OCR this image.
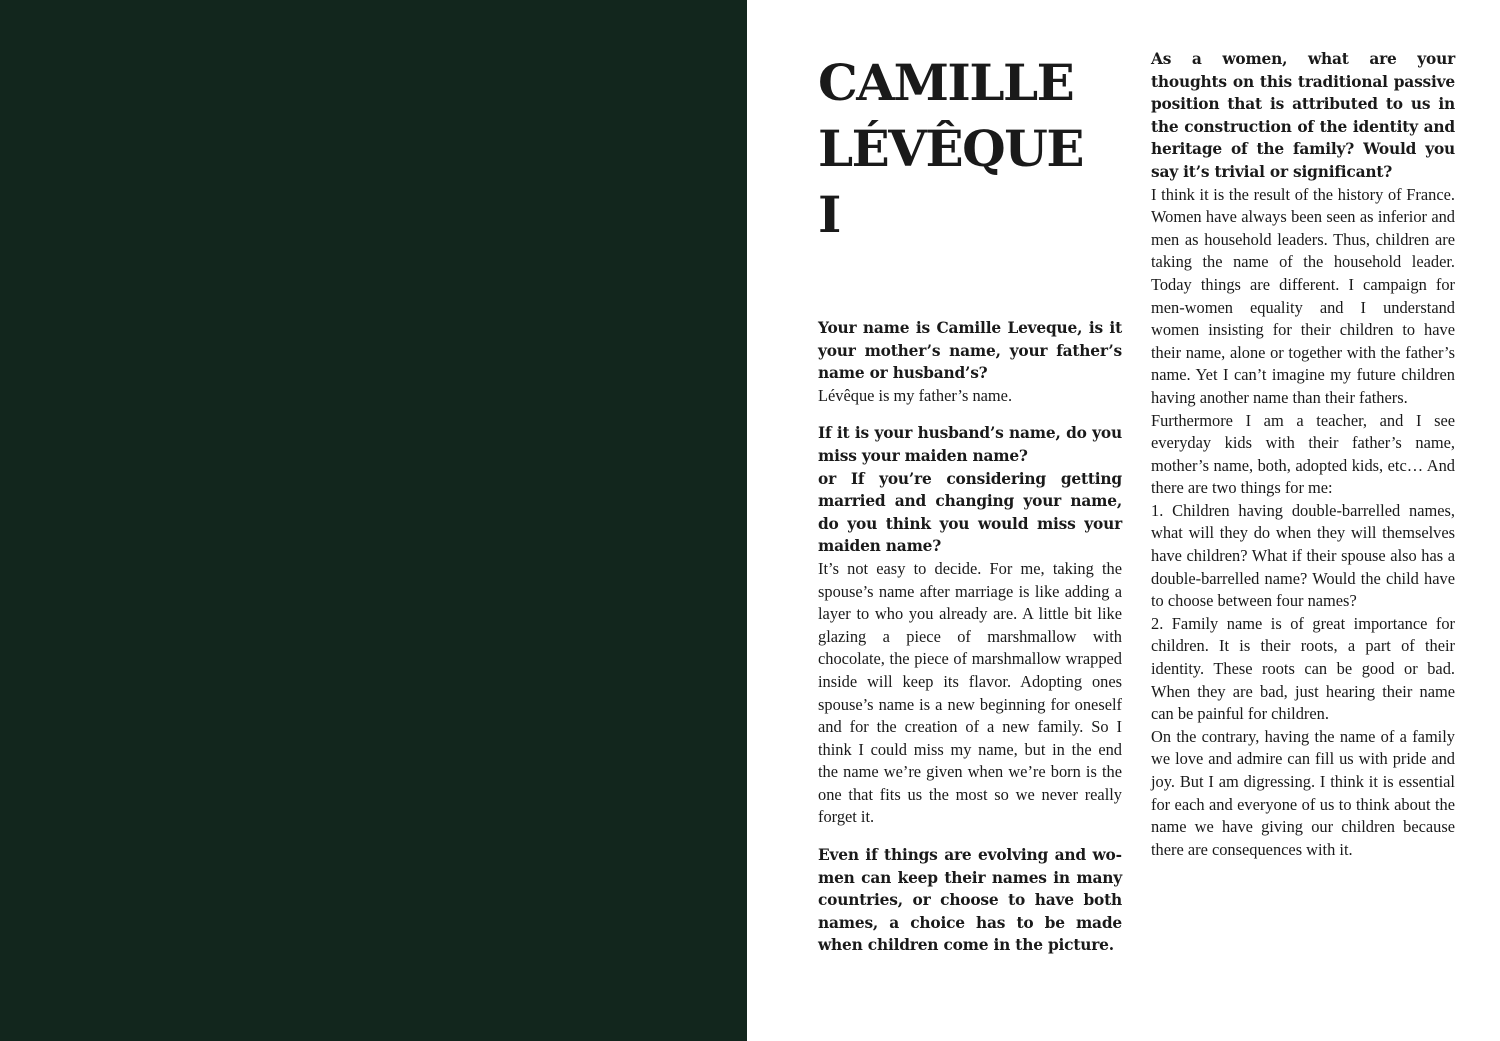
CAMILLE
LÉVÊQUE
I

Your name is Camille Leveque, is it your mother’s name, your father’s name or husband’s?

Lévêque is my father’s name.

If it is your husband’s name, do you miss your maiden name?

or If you’re considering getting married and changing your name, do you think you would miss your maiden name?

It’s not easy to decide. For me, taking the spouse’s name after marriage is like adding a layer to who you already are. A little bit like glazing a piece of marshmallow with chocolate, the piece of marshmallow wrapped inside will keep its flavor. Adopting ones spouse’s name is a new beginning for oneself and for the creation of a new family. So I think I could miss my name, but in the end the name we’re given when we’re born is the one that fits us the most so we never really forget it.

Even if things are evolving and women can keep their names in many countries, or choose to have both names, a choice has to be made when children come in the picture.

As a women, what are your thoughts on this traditional passive position that is attributed to us in the construction of the identity and heritage of the family? Would you say it’s trivial or significant?

I think it is the result of the history of France. Women have always been seen as inferior and men as household leaders. Thus, children are taking the name of the household leader. Today things are different. I campaign for men-women equality and I understand women insisting for their children to have their name, alone or together with the father’s name. Yet I can’t imagine my future children having another name than their fathers.

Furthermore I am a teacher, and I see everyday kids with their father’s name, mother’s name, both, adopted kids, etc… And there are two things for me:

1. Children having double-barrelled names, what will they do when they will themselves have children? What if their spouse also has a double-barrelled name? Would the child have to choose between four names?

2. Family name is of great importance for children. It is their roots, a part of their identity. These roots can be good or bad. When they are bad, just hearing their name can be painful for children.

On the contrary, having the name of a family we love and admire can fill us with pride and joy. But I am digressing. I think it is essential for each and everyone of us to think about the name we have giving our children because there are consequences with it.
